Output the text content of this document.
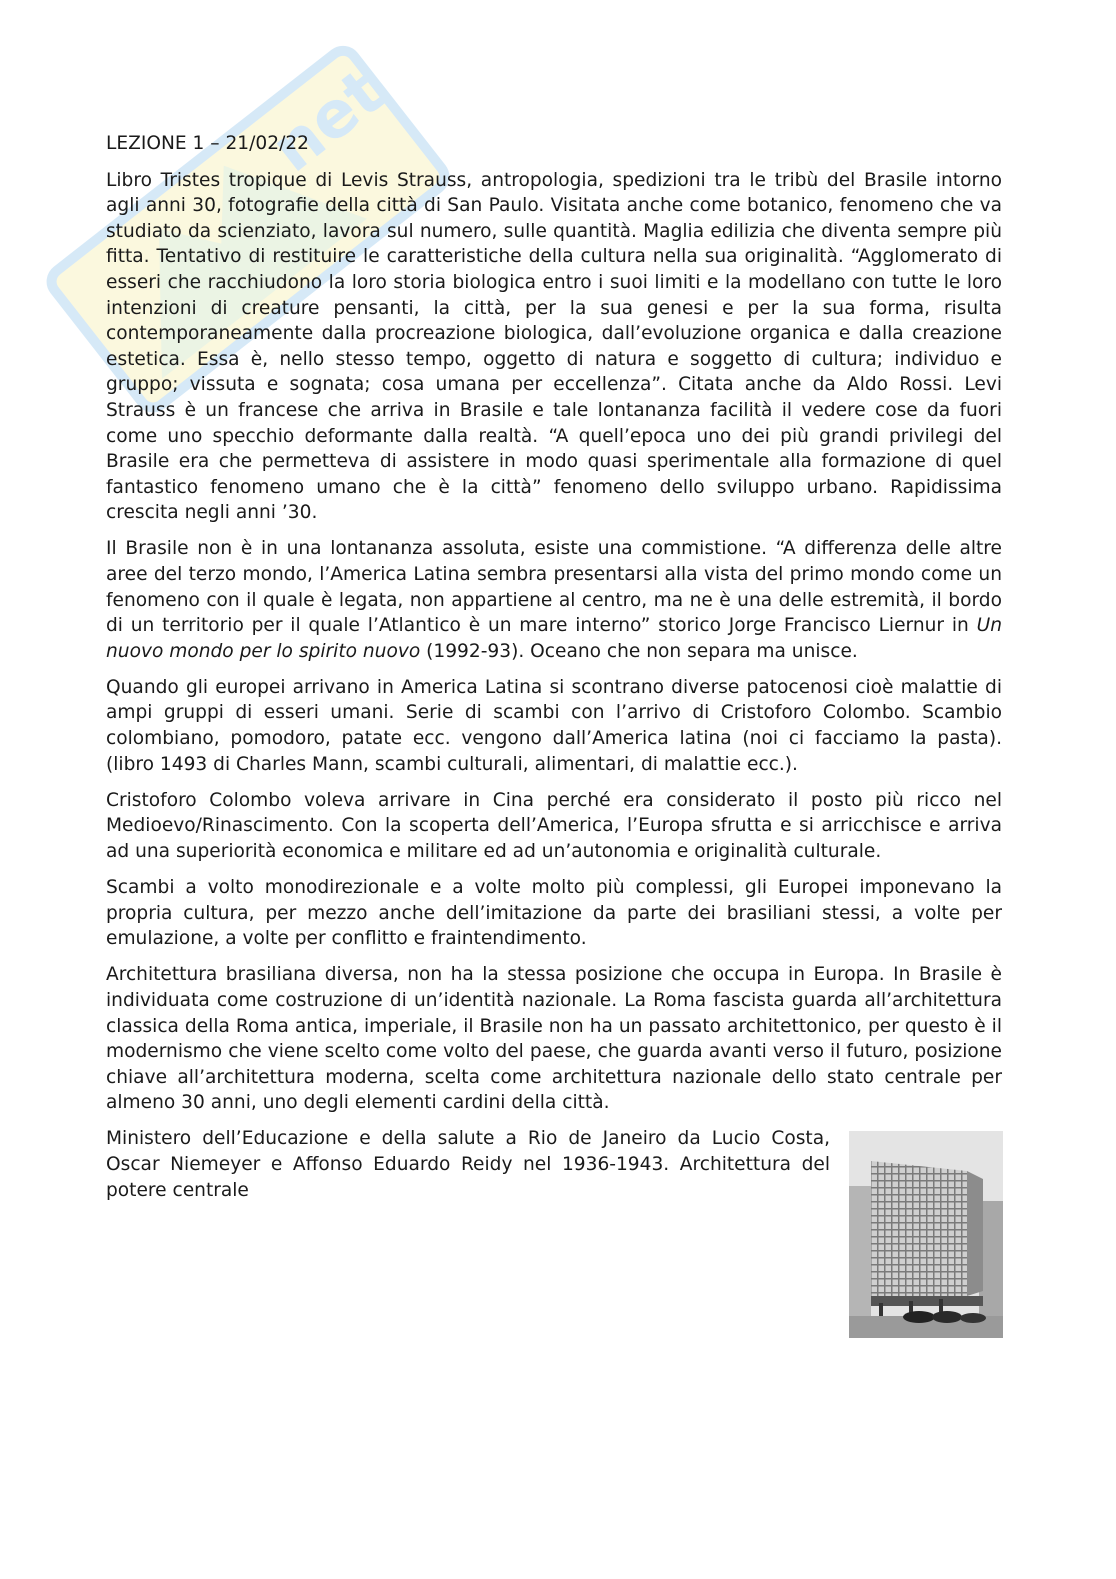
net
LEZIONE 1 – 21/02/22

Libro Tristes tropique di Levis Strauss, antropologia, spedizioni tra le tribù del Brasile intorno agli anni 30, fotografie della città di San Paulo. Visitata anche come botanico, fenomeno che va studiato da scienziato, lavora sul numero, sulle quantità. Maglia edilizia che diventa sempre più fitta. Tentativo di restituire le caratteristiche della cultura nella sua originalità. “Agglomerato di esseri che racchiudono la loro storia biologica entro i suoi limiti e la modellano con tutte le loro intenzioni di creature pensanti, la città, per la sua genesi e per la sua forma, risulta contemporaneamente dalla procreazione biologica, dall’evoluzione organica e dalla creazione estetica. Essa è, nello stesso tempo, oggetto di natura e soggetto di cultura; individuo e gruppo; vissuta e sognata; cosa umana per eccellenza”. Citata anche da Aldo Rossi. Levi Strauss è un francese che arriva in Brasile e tale lontananza facilità il vedere cose da fuori come uno specchio deformante dalla realtà. “A quell’epoca uno dei più grandi privilegi del Brasile era che permetteva di assistere in modo quasi sperimentale alla formazione di quel fantastico fenomeno umano che è la città” fenomeno dello sviluppo urbano. Rapidissima crescita negli anni ’30.

Il Brasile non è in una lontananza assoluta, esiste una commistione. “A differenza delle altre aree del terzo mondo, l’America Latina sembra presentarsi alla vista del primo mondo come un fenomeno con il quale è legata, non appartiene al centro, ma ne è una delle estremità, il bordo di un territorio per il quale l’Atlantico è un mare interno” storico Jorge Francisco Liernur in Un nuovo mondo per lo spirito nuovo (1992-93). Oceano che non separa ma unisce.

Quando gli europei arrivano in America Latina si scontrano diverse patocenosi cioè malattie di ampi gruppi di esseri umani. Serie di scambi con l’arrivo di Cristoforo Colombo. Scambio colombiano, pomodoro, patate ecc. vengono dall’America latina (noi ci facciamo la pasta). (libro 1493 di Charles Mann, scambi culturali, alimentari, di malattie ecc.).

Cristoforo Colombo voleva arrivare in Cina perché era considerato il posto più ricco nel Medioevo/Rinascimento. Con la scoperta dell’America, l’Europa sfrutta e si arricchisce e arriva ad una superiorità economica e militare ed ad un’autonomia e originalità culturale.

Scambi a volto monodirezionale e a volte molto più complessi, gli Europei imponevano la propria cultura, per mezzo anche dell’imitazione da parte dei brasiliani stessi, a volte per emulazione, a volte per conflitto e fraintendimento.

Architettura brasiliana diversa, non ha la stessa posizione che occupa in Europa. In Brasile è individuata come costruzione di un’identità nazionale. La Roma fascista guarda all’architettura classica della Roma antica, imperiale, il Brasile non ha un passato architettonico, per questo è il modernismo che viene scelto come volto del paese, che guarda avanti verso il futuro, posizione chiave all’architettura moderna, scelta come architettura nazionale dello stato centrale per almeno 30 anni, uno degli elementi cardini della città.

Ministero dell’Educazione e della salute a Rio de Janeiro da Lucio Costa, Oscar Niemeyer e Affonso Eduardo Reidy nel 1936-1943. Architettura del potere centrale
